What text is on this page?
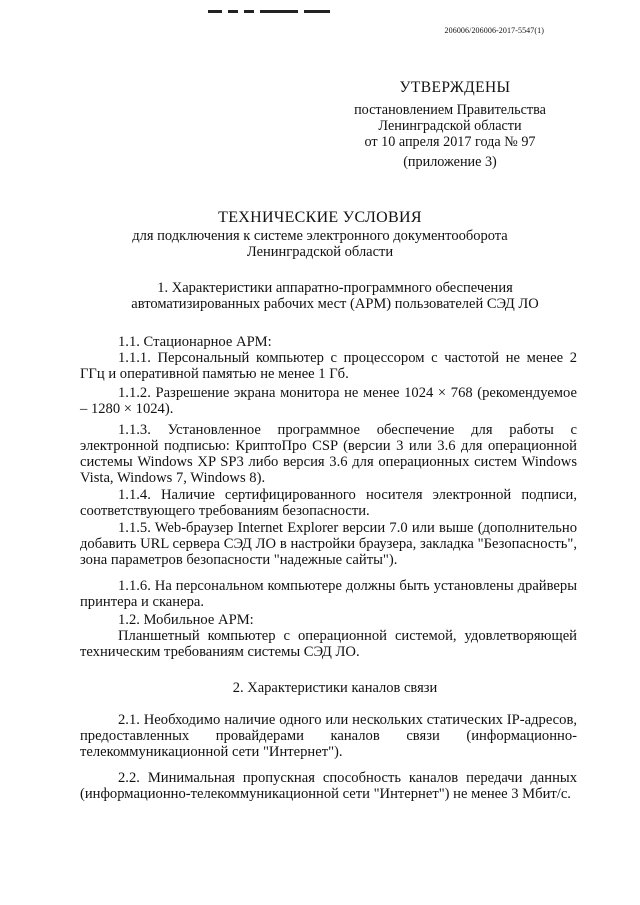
206006/206006-2017-5547(1)
УТВЕРЖДЕНЫ
постановлением Правительства
Ленинградской области
от 10 апреля 2017 года № 97
(приложение 3)
ТЕХНИЧЕСКИЕ УСЛОВИЯ
для подключения к системе электронного документооборота
Ленинградской области
1. Характеристики аппаратно-программного обеспечения
автоматизированных рабочих мест (АРМ) пользователей СЭД ЛО
1.1. Стационарное АРМ:
1.1.1. Персональный компьютер с процессором с частотой не менее 2 ГГц и оперативной памятью не менее 1 Гб.
1.1.2. Разрешение экрана монитора не менее 1024 × 768 (рекомендуемое – 1280 × 1024).
1.1.3. Установленное программное обеспечение для работы с электронной подписью: КриптоПро CSP (версии 3 или 3.6 для операционной системы Windows XP SP3 либо версия 3.6 для операционных систем Windows Vista, Windows 7, Windows 8).
1.1.4. Наличие сертифицированного носителя электронной подписи, соответствующего требованиям безопасности.
1.1.5. Web-браузер Internet Explorer версии 7.0 или выше (дополнительно добавить URL сервера СЭД ЛО в настройки браузера, закладка "Безопасность", зона параметров безопасности "надежные сайты").
1.1.6. На персональном компьютере должны быть установлены драйверы принтера и сканера.
1.2. Мобильное АРМ:
Планшетный компьютер с операционной системой, удовлетворяющей техническим требованиям системы СЭД ЛО.
2. Характеристики каналов связи
2.1. Необходимо наличие одного или нескольких статических IP-адресов, предоставленных провайдерами каналов связи (информационно-телекоммуникационной сети "Интернет").
2.2. Минимальная пропускная способность каналов передачи данных (информационно-телекоммуникационной сети "Интернет") не менее 3 Мбит/с.
